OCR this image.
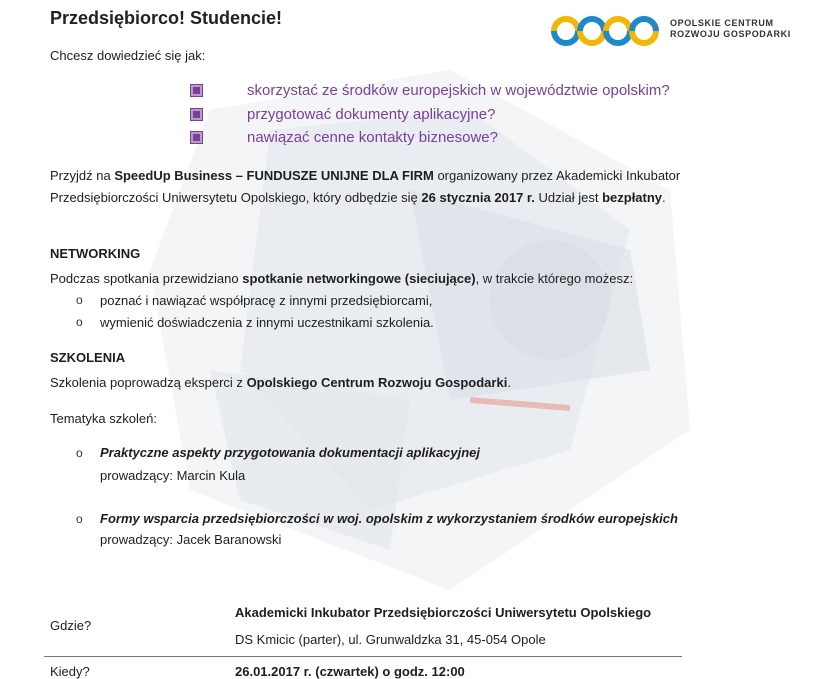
Przedsiębiorco! Studencie!	OPOLSKIE CENTRUM
ROZWOJU GOSPODARKI
Chcesz dowiedzieć się jak:
skorzystać ze środków europejskich w województwie opolskim?
przygotować dokumenty aplikacyjne?
nawiązać cenne kontakty biznesowe?
Przyjdź na SpeedUp Business – FUNDUSZE UNIJNE DLA FIRM organizowany przez Akademicki Inkubator
Przedsiębiorczości Uniwersytetu Opolskiego, który odbędzie się 26 stycznia 2017 r. Udział jest bezpłatny.
NETWORKING
Podczas spotkania przewidziano spotkanie networkingowe (sieciujące), w trakcie którego możesz:
o poznać i nawiązać współpracę z innymi przedsiębiorcami,
o wymienić doświadczenia z innymi uczestnikami szkolenia.
SZKOLENIA
Szkolenia poprowadzą eksperci z Opolskiego Centrum Rozwoju Gospodarki.
Tematyka szkoleń:
o Praktyczne aspekty przygotowania dokumentacji aplikacyjnej
prowadzący: Marcin Kula
o Formy wsparcia przedsiębiorczości w woj. opolskim z wykorzystaniem środków europejskich
prowadzący: Jacek Baranowski
Gdzie?
Akademicki Inkubator Przedsiębiorczości Uniwersytetu Opolskiego
DS Kmicic (parter), ul. Grunwaldzka 31, 45-054 Opole
Kiedy?	26.01.2017 r. (czwartek) o godz. 12:00
